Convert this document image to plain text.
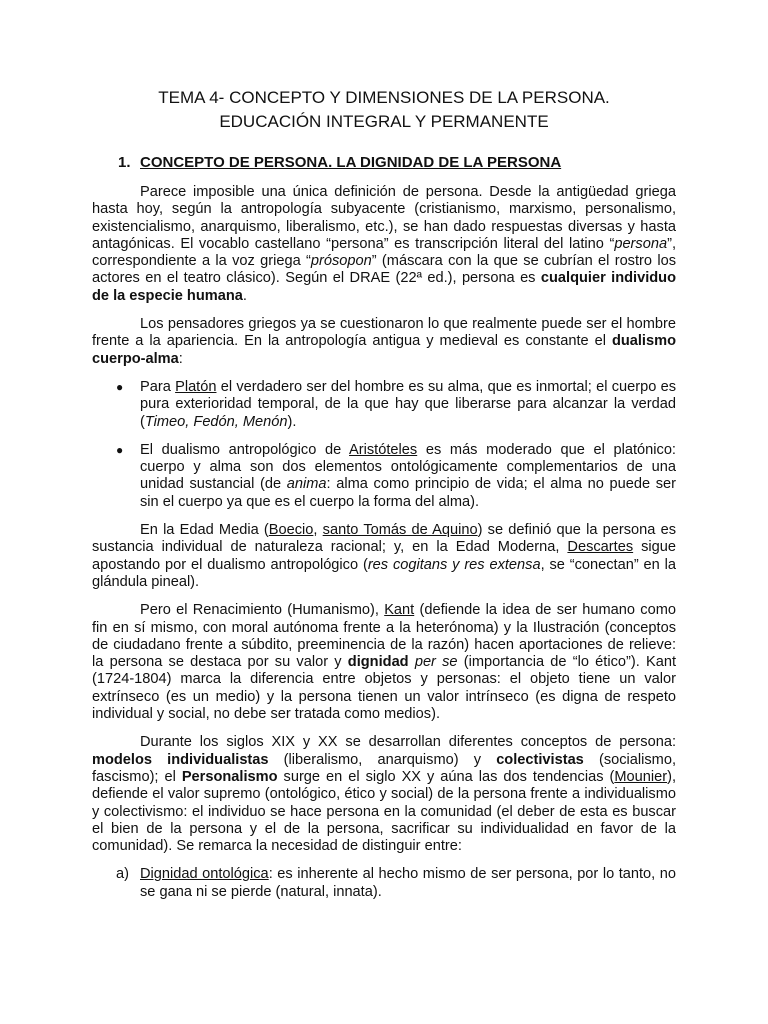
TEMA 4- CONCEPTO Y DIMENSIONES DE LA PERSONA.
EDUCACIÓN INTEGRAL Y PERMANENTE
1. CONCEPTO DE PERSONA. LA DIGNIDAD DE LA PERSONA

Parece imposible una única definición de persona. Desde la antigüedad griega hasta hoy, según la antropología subyacente (cristianismo, marxismo, personalismo, existencialismo, anarquismo, liberalismo, etc.), se han dado respuestas diversas y hasta antagónicas. El vocablo castellano “persona” es transcripción literal del latino “persona”, correspondiente a la voz griega “prósopon” (máscara con la que se cubrían el rostro los actores en el teatro clásico). Según el DRAE (22ª ed.), persona es cualquier individuo de la especie humana.

Los pensadores griegos ya se cuestionaron lo que realmente puede ser el hombre frente a la apariencia. En la antropología antigua y medieval es constante el dualismo cuerpo-alma:

● Para Platón el verdadero ser del hombre es su alma, que es inmortal; el cuerpo es pura exterioridad temporal, de la que hay que liberarse para alcanzar la verdad (Timeo, Fedón, Menón).
● El dualismo antropológico de Aristóteles es más moderado que el platónico: cuerpo y alma son dos elementos ontológicamente complementarios de una unidad sustancial (de anima: alma como principio de vida; el alma no puede ser sin el cuerpo ya que es el cuerpo la forma del alma).

En la Edad Media (Boecio, santo Tomás de Aquino) se definió que la persona es sustancia individual de naturaleza racional; y, en la Edad Moderna, Descartes sigue apostando por el dualismo antropológico (res cogitans y res extensa, se “conectan” en la glándula pineal).

Pero el Renacimiento (Humanismo), Kant (defiende la idea de ser humano como fin en sí mismo, con moral autónoma frente a la heterónoma) y la Ilustración (conceptos de ciudadano frente a súbdito, preeminencia de la razón) hacen aportaciones de relieve: la persona se destaca por su valor y dignidad per se (importancia de “lo ético”). Kant (1724-1804) marca la diferencia entre objetos y personas: el objeto tiene un valor extrínseco (es un medio) y la persona tienen un valor intrínseco (es digna de respeto individual y social, no debe ser tratada como medios).

Durante los siglos XIX y XX se desarrollan diferentes conceptos de persona: modelos individualistas (liberalismo, anarquismo) y colectivistas (socialismo, fascismo); el Personalismo surge en el siglo XX y aúna las dos tendencias (Mounier), defiende el valor supremo (ontológico, ético y social) de la persona frente a individualismo y colectivismo: el individuo se hace persona en la comunidad (el deber de esta es buscar el bien de la persona y el de la persona, sacrificar su individualidad en favor de la comunidad). Se remarca la necesidad de distinguir entre:

a) Dignidad ontológica: es inherente al hecho mismo de ser persona, por lo tanto, no se gana ni se pierde (natural, innata).
